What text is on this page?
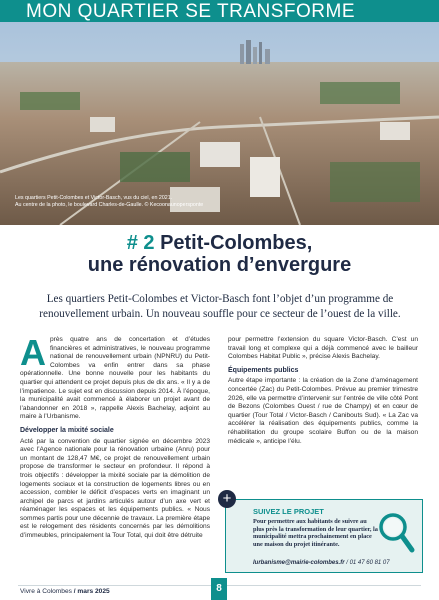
MON QUARTIER SE TRANSFORME
Les quartiers Petit-Colombes et Victor-Basch, vus du ciel, en 2021.
Au centre de la photo, le boulevard Charles-de-Gaulle. © Kecoonaunopersponte
# 2 Petit-Colombes,
une rénovation d’envergure
Les quartiers Petit-Colombes et Victor-Basch font l’objet d’un programme de renouvellement urbain. Un nouveau souffle pour ce secteur de l’ouest de la ville.

Après quatre ans de concertation et d’études financières et administratives, le nouveau programme national de renouvellement urbain (NPNRU) du Petit-Colombes va enfin entrer dans sa phase opérationnelle. Une bonne nouvelle pour les habitants du quartier qui attendent ce projet depuis plus de dix ans. « Il y a de l’impatience. Le sujet est en discussion depuis 2014. À l’époque, la municipalité avait commencé à élaborer un projet avant de l’abandonner en 2018 », rappelle Alexis Bachelay, adjoint au maire à l’Urbanisme.

Développer la mixité sociale

Acté par la convention de quartier signée en décembre 2023 avec l’Agence nationale pour la rénovation urbaine (Anru) pour un montant de 128,47 M€, ce projet de renouvellement urbain propose de transformer le secteur en profondeur. Il répond à trois objectifs : développer la mixité sociale par la démolition de logements sociaux et la construction de logements libres ou en accession, combler le déficit d’espaces verts en imaginant un archipel de parcs et jardins articulés autour d’un axe vert et réaménager les espaces et les équipements publics. « Nous sommes partis pour une décennie de travaux. La première étape est le relogement des résidents concernés par les démolitions d’immeubles, principalement la Tour Total, qui doit être détruite

pour permettre l’extension du square Victor-Basch. C’est un travail long et complexe qui a déjà commencé avec le bailleur Colombes Habitat Public », précise Alexis Bachelay.

Équipements publics

Autre étape importante : la création de la Zone d’aménagement concertée (Zac) du Petit-Colombes. Prévue au premier trimestre 2026, elle va permettre d’intervenir sur l’entrée de ville côté Pont de Bezons (Colombes Ouest / rue de Champy) et en cœur de quartier (Tour Total / Victor-Basch / Canibouts Sud). « La Zac va accélérer la réalisation des équipements publics, comme la réhabilitation du groupe scolaire Buffon ou de la maison médicale », anticipe l’élu.

+
SUIVEZ LE PROJET
Pour permettre aux habitants de suivre au plus près la transformation de leur quartier, la municipalité mettra prochainement en place une maison du projet itinérante.
lurbanisme@mairie-colombes.fr / 01 47 60 81 07
Vivre à Colombes / mars 2025	8
